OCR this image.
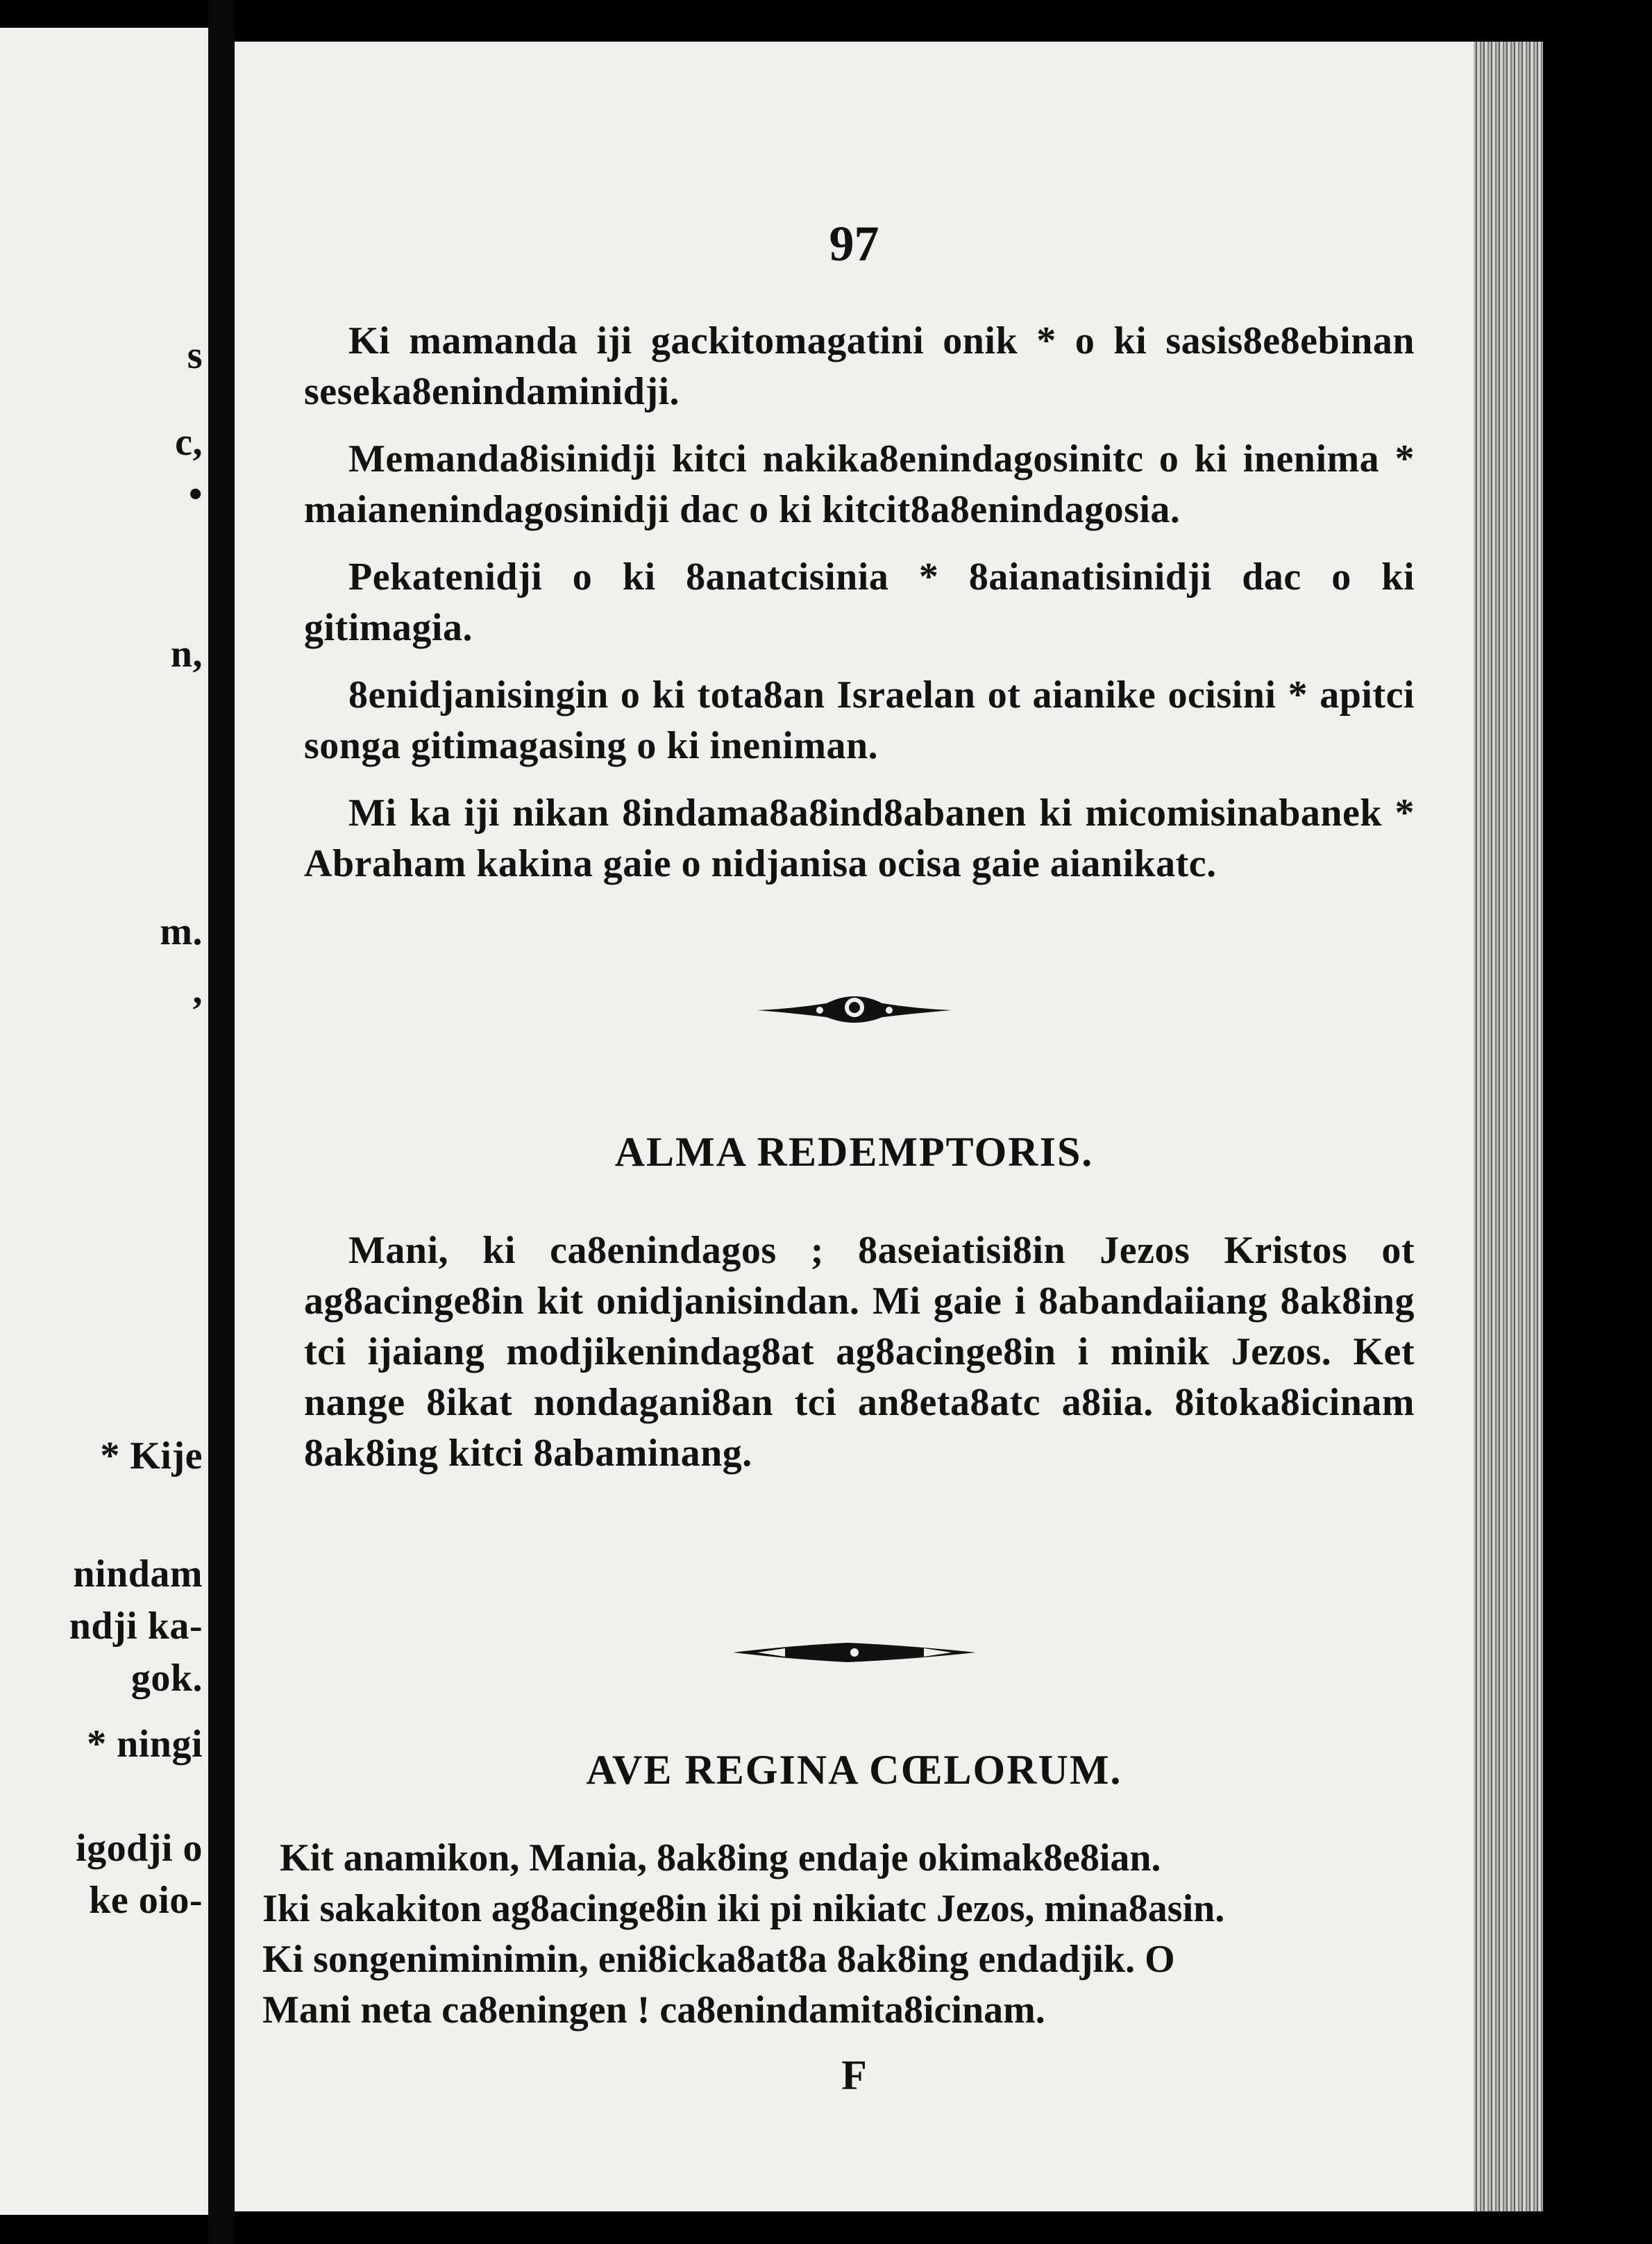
s
c,
•
n,
m.
,
* Kije
nindam
ndji ka-
gok.
* ningi
igodji o
ke oio-
97

Ki mamanda iji gackitomagatini onik * o ki sasis8e8ebinan seseka8enindaminidji.

Memanda8isinidji kitci nakika8enindagosinitc o ki inenima * maianenindagosinidji dac o ki kitcit8a8enindagosia.

Pekatenidji o ki 8anatcisinia * 8aianatisinidji dac o ki gitimagia.

8enidjanisingin o ki tota8an Israelan ot aianike ocisini * apitci songa gitimagasing o ki ineniman.

Mi ka iji nikan 8indama8a8ind8abanen ki micomisinabanek * Abraham kakina gaie o nidjanisa ocisa gaie aianikatc.

ALMA REDEMPTORIS.

Mani, ki ca8enindagos ; 8aseiatisi8in Jezos Kristos ot ag8acinge8in kit onidjanisindan. Mi gaie i 8abandaiiang 8ak8ing tci ijaiang modjikenindag8at ag8acinge8in i minik Jezos. Ket nange 8ikat nondagani8an tci an8eta8atc a8iia. 8itoka8icinam 8ak8ing kitci 8abaminang.

AVE REGINA CŒLORUM.
Kit anamikon, Mania, 8ak8ing endaje okimak8e8ian.
Iki sakakiton ag8acinge8in iki pi nikiatc Jezos, mina8asin.
Ki songeniminimin, eni8icka8at8a 8ak8ing endadjik. O
Mani neta ca8eningen ! ca8enindamita8icinam.
F
